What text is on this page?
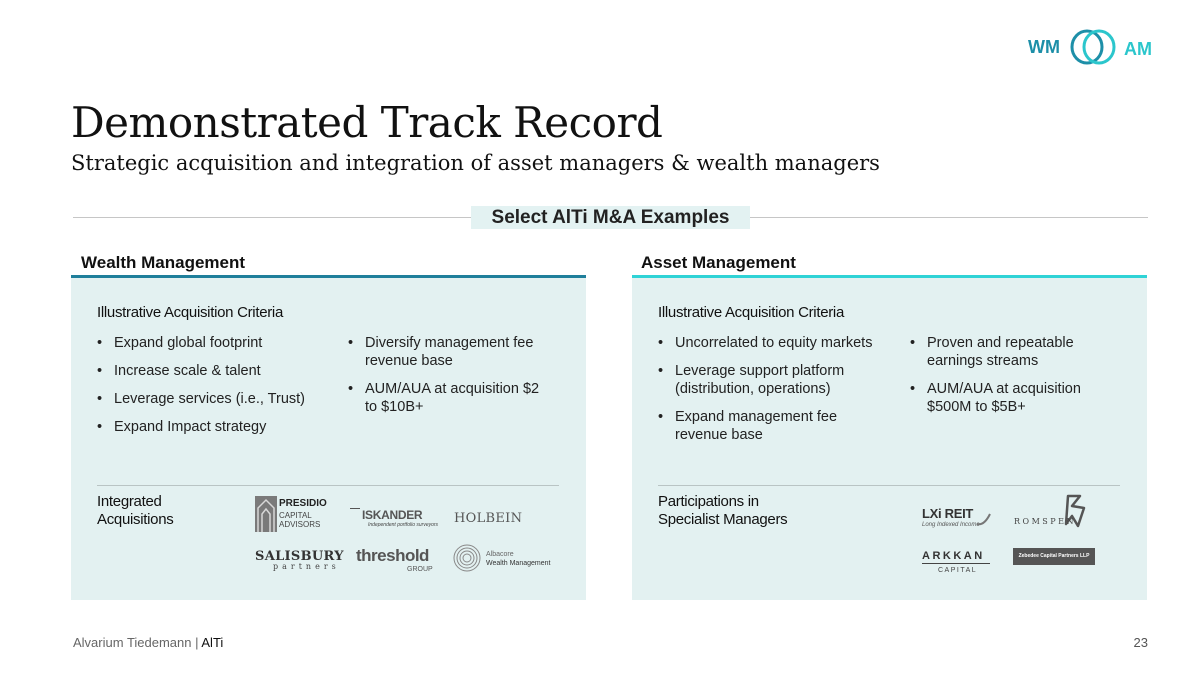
WM	AM
Demonstrated Track Record
Strategic acquisition and integration of asset managers & wealth managers
Select AlTi M&A Examples
Wealth Management
Illustrative Acquisition Criteria
• Expand global footprint
• Increase scale & talent
• Leverage services (i.e., Trust)
• Expand Impact strategy
• Diversify management fee revenue base
• AUM/AUA at acquisition $2 to $10B+
Integrated
Acquisitions
PRESIDIO
CAPITAL
ADVISORS
ISKANDER
Independent portfolio surveyors HOLBEIN
SALISBURY
partners
threshold
GROUP
Albacore
Wealth Management
Asset Management
Illustrative Acquisition Criteria
• Uncorrelated to equity markets
• Leverage support platform (distribution, operations)
• Expand management fee revenue base
• Proven and repeatable earnings streams
• AUM/AUA at acquisition $500M to $5B+
Participations in
Specialist Managers	LXi REIT
Long Indexed Income	ROMSPEN
ARKKAN
CAPITAL
Zebedee Capital Partners LLP
Alvarium Tiedemann | AlTi	23
